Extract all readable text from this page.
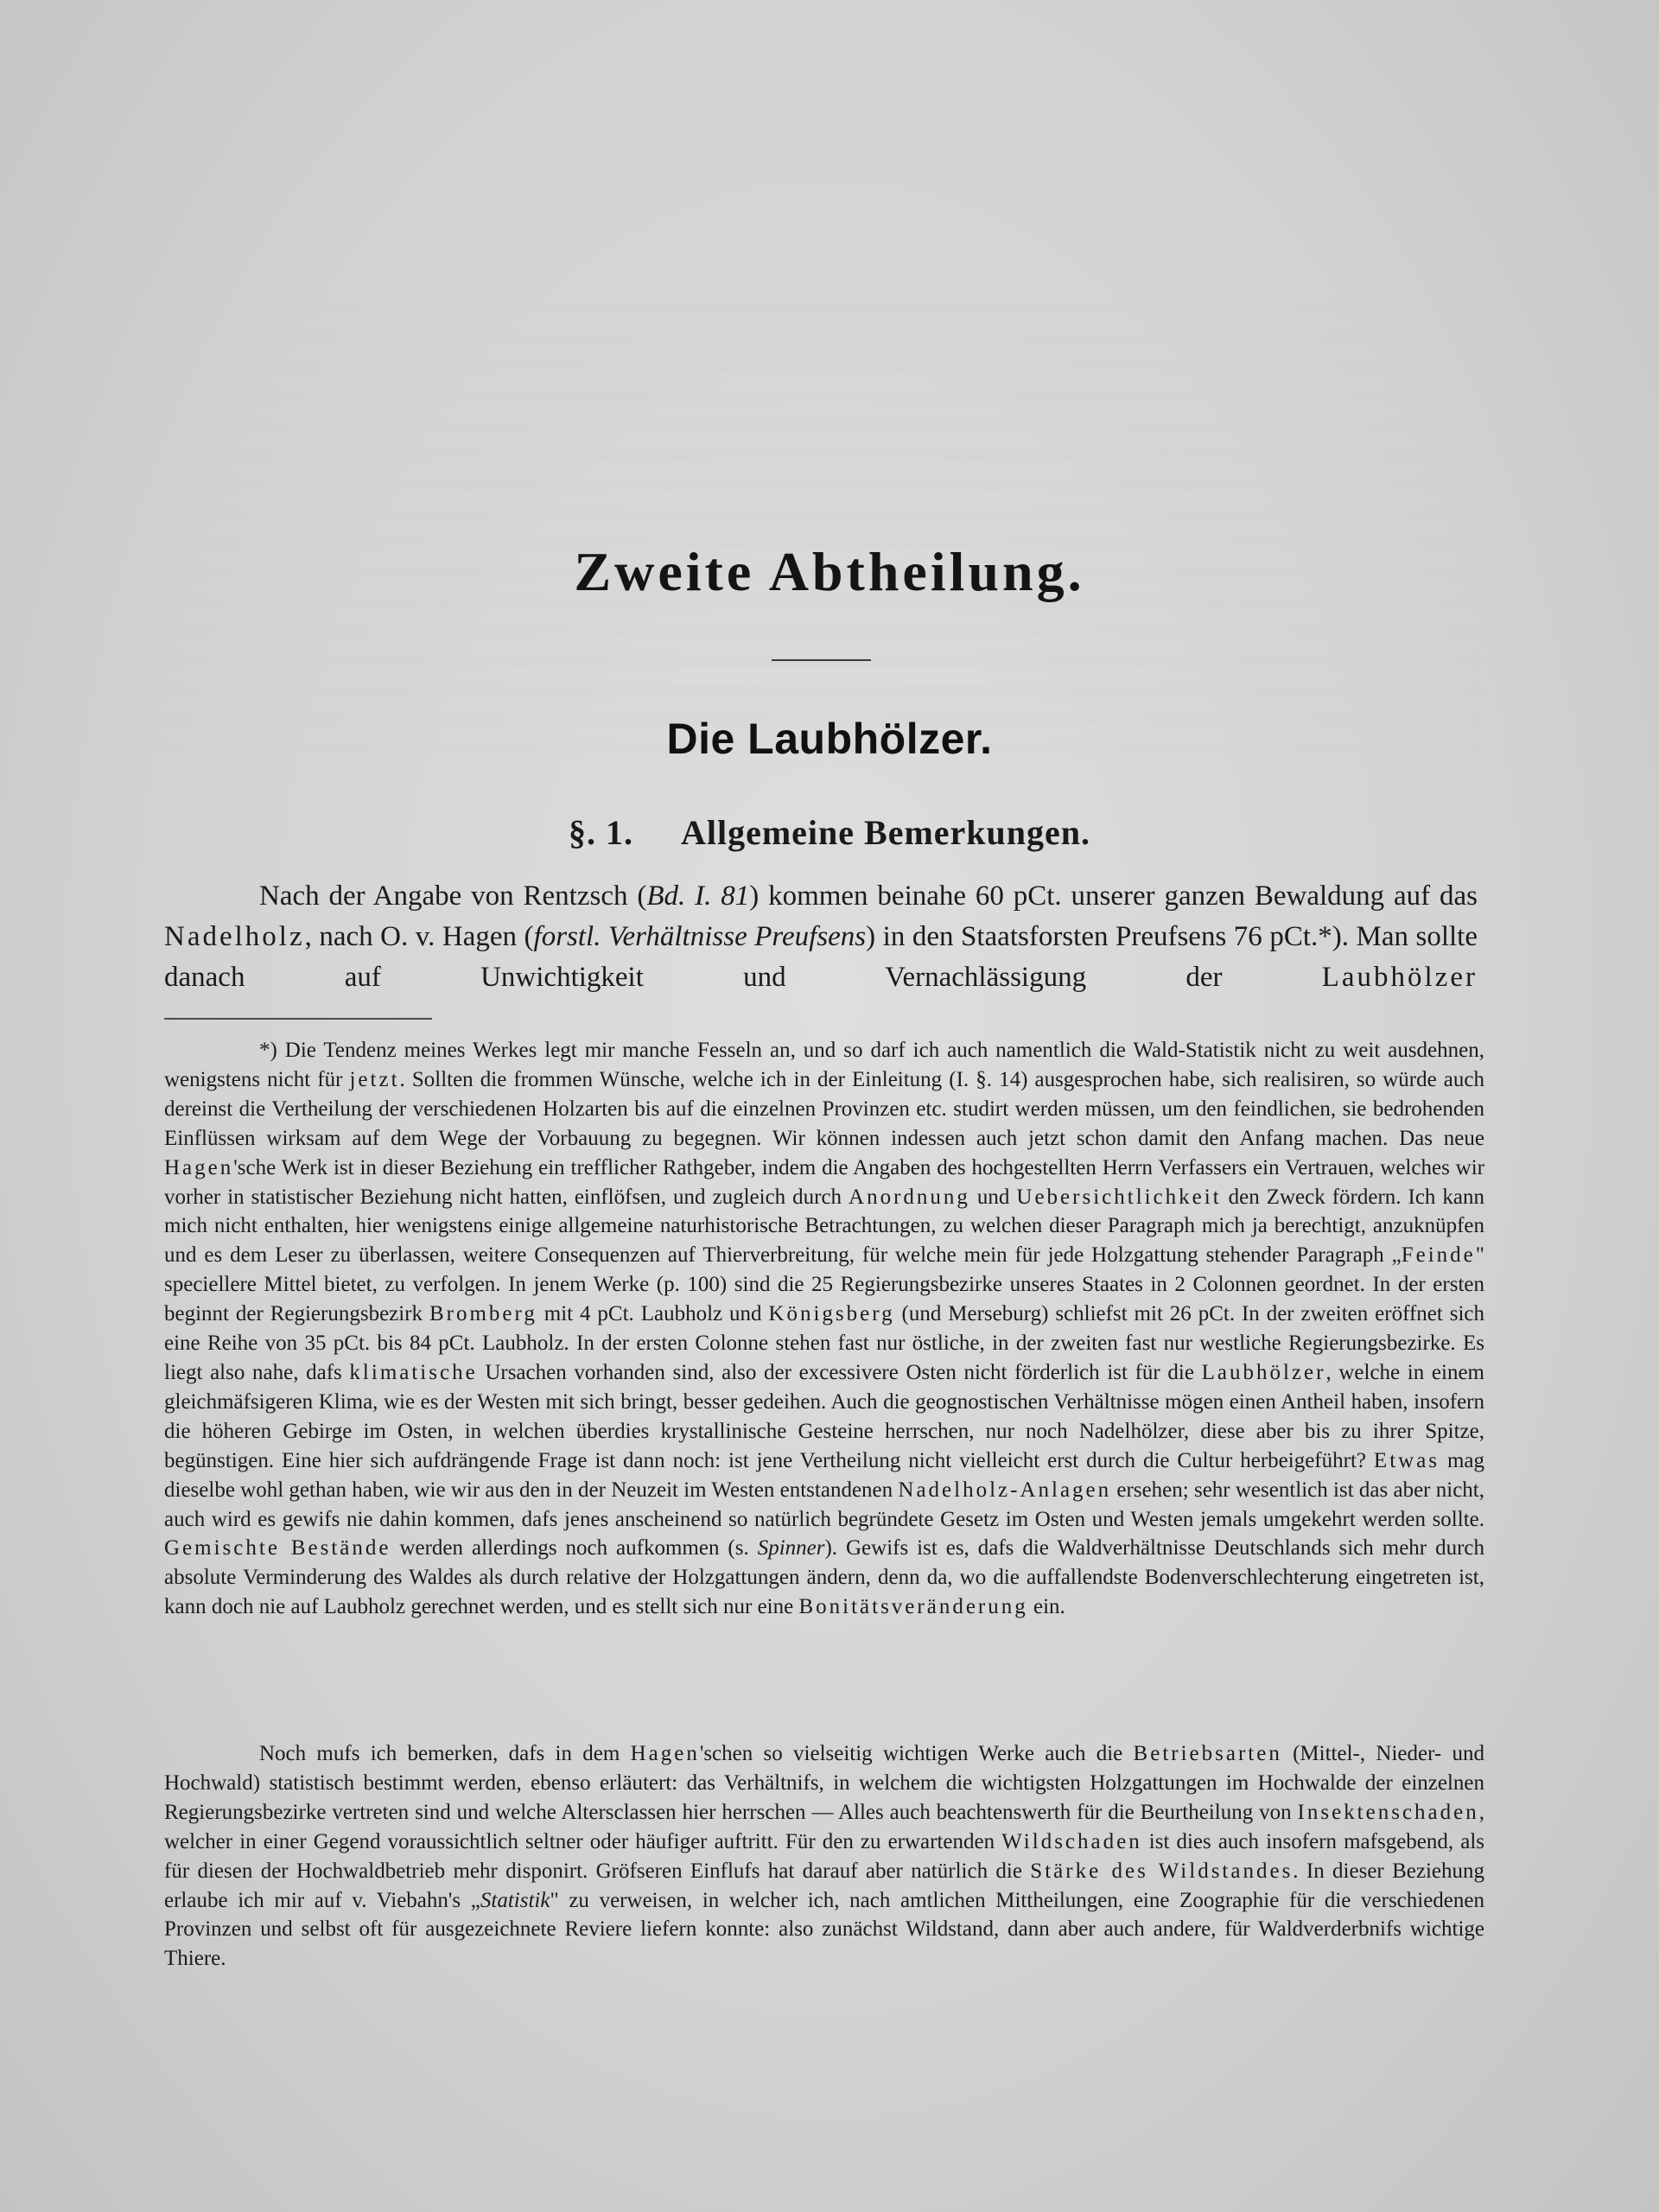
Zweite Abtheilung.
Die Laubhölzer.
§. 1. Allgemeine Bemerkungen.

Nach der Angabe von Rentzsch (Bd. I. 81) kommen beinahe 60 pCt. unserer ganzen Bewaldung auf das Nadelholz, nach O. v. Hagen (forstl. Verhältnisse Preufsens) in den Staatsforsten Preufsens 76 pCt.*). Man sollte danach auf Unwichtigkeit und Vernachlässigung der Laubhölzer

*) Die Tendenz meines Werkes legt mir manche Fesseln an, und so darf ich auch namentlich die Wald-Statistik nicht zu weit ausdehnen, wenigstens nicht für jetzt. Sollten die frommen Wünsche, welche ich in der Einleitung (I. §. 14) ausgesprochen habe, sich realisiren, so würde auch dereinst die Vertheilung der verschiedenen Holzarten bis auf die einzelnen Provinzen etc. studirt werden müssen, um den feindlichen, sie bedrohenden Einflüssen wirksam auf dem Wege der Vorbauung zu begegnen. Wir können indessen auch jetzt schon damit den Anfang machen. Das neue Hagen'sche Werk ist in dieser Beziehung ein trefflicher Rathgeber, indem die Angaben des hochgestellten Herrn Verfassers ein Vertrauen, welches wir vorher in statistischer Beziehung nicht hatten, einflöfsen, und zugleich durch Anordnung und Uebersichtlichkeit den Zweck fördern. Ich kann mich nicht enthalten, hier wenigstens einige allgemeine naturhistorische Betrachtungen, zu welchen dieser Paragraph mich ja berechtigt, anzuknüpfen und es dem Leser zu überlassen, weitere Consequenzen auf Thierverbreitung, für welche mein für jede Holzgattung stehender Paragraph „Feinde" speciellere Mittel bietet, zu verfolgen. In jenem Werke (p. 100) sind die 25 Regierungsbezirke unseres Staates in 2 Colonnen geordnet. In der ersten beginnt der Regierungsbezirk Bromberg mit 4 pCt. Laubholz und Königsberg (und Merseburg) schliefst mit 26 pCt. In der zweiten eröffnet sich eine Reihe von 35 pCt. bis 84 pCt. Laubholz. In der ersten Colonne stehen fast nur östliche, in der zweiten fast nur westliche Regierungsbezirke. Es liegt also nahe, dafs klimatische Ursachen vorhanden sind, also der excessivere Osten nicht förderlich ist für die Laubhölzer, welche in einem gleichmäfsigeren Klima, wie es der Westen mit sich bringt, besser gedeihen. Auch die geognostischen Verhältnisse mögen einen Antheil haben, insofern die höheren Gebirge im Osten, in welchen überdies krystallinische Gesteine herrschen, nur noch Nadelhölzer, diese aber bis zu ihrer Spitze, begünstigen. Eine hier sich aufdrängende Frage ist dann noch: ist jene Vertheilung nicht vielleicht erst durch die Cultur herbeigeführt? Etwas mag dieselbe wohl gethan haben, wie wir aus den in der Neuzeit im Westen entstandenen Nadelholz-Anlagen ersehen; sehr wesentlich ist das aber nicht, auch wird es gewifs nie dahin kommen, dafs jenes anscheinend so natürlich begründete Gesetz im Osten und Westen jemals umgekehrt werden sollte. Gemischte Bestände werden allerdings noch aufkommen (s. Spinner). Gewifs ist es, dafs die Waldverhältnisse Deutschlands sich mehr durch absolute Verminderung des Waldes als durch relative der Holzgattungen ändern, denn da, wo die auffallendste Bodenverschlechterung eingetreten ist, kann doch nie auf Laubholz gerechnet werden, und es stellt sich nur eine Bonitätsveränderung ein.

Noch mufs ich bemerken, dafs in dem Hagen'schen so vielseitig wichtigen Werke auch die Betriebsarten (Mittel-, Nieder- und Hochwald) statistisch bestimmt werden, ebenso erläutert: das Verhältnifs, in welchem die wichtigsten Holzgattungen im Hochwalde der einzelnen Regierungsbezirke vertreten sind und welche Altersclassen hier herrschen — Alles auch beachtenswerth für die Beurtheilung von Insektenschaden, welcher in einer Gegend voraussichtlich seltner oder häufiger auftritt. Für den zu erwartenden Wildschaden ist dies auch insofern mafsgebend, als für diesen der Hochwaldbetrieb mehr disponirt. Gröfseren Einflufs hat darauf aber natürlich die Stärke des Wildstandes. In dieser Beziehung erlaube ich mir auf v. Viebahn's „Statistik" zu verweisen, in welcher ich, nach amtlichen Mittheilungen, eine Zoographie für die verschiedenen Provinzen und selbst oft für ausgezeichnete Reviere liefern konnte: also zunächst Wildstand, dann aber auch andere, für Waldverderbnifs wichtige Thiere.
